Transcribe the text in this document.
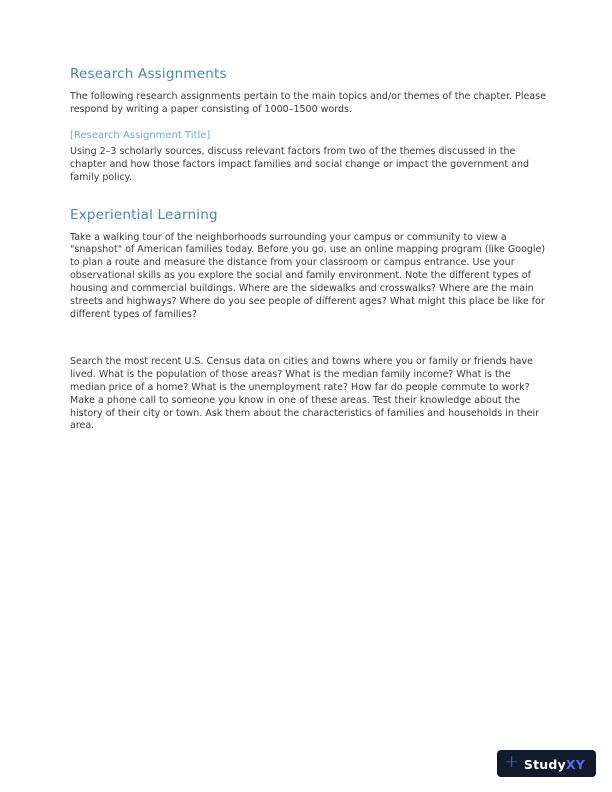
Research Assignments

The following research assignments pertain to the main topics and/or themes of the chapter. Please respond by writing a paper consisting of 1000–1500 words.

[Research Assignment Title]

Using 2–3 scholarly sources, discuss relevant factors from two of the themes discussed in the chapter and how those factors impact families and social change or impact the government and family policy.

Experiential Learning

Take a walking tour of the neighborhoods surrounding your campus or community to view a "snapshot" of American families today. Before you go, use an online mapping program (like Google) to plan a route and measure the distance from your classroom or campus entrance. Use your observational skills as you explore the social and family environment. Note the different types of housing and commercial buildings. Where are the sidewalks and crosswalks? Where are the main streets and highways? Where do you see people of different ages? What might this place be like for different types of families?

Search the most recent U.S. Census data on cities and towns where you or family or friends have lived. What is the population of those areas? What is the median family income? What is the median price of a home? What is the unemployment rate? How far do people commute to work? Make a phone call to someone you know in one of these areas. Test their knowledge about the history of their city or town. Ask them about the characteristics of families and households in their area.

+ StudyXY
